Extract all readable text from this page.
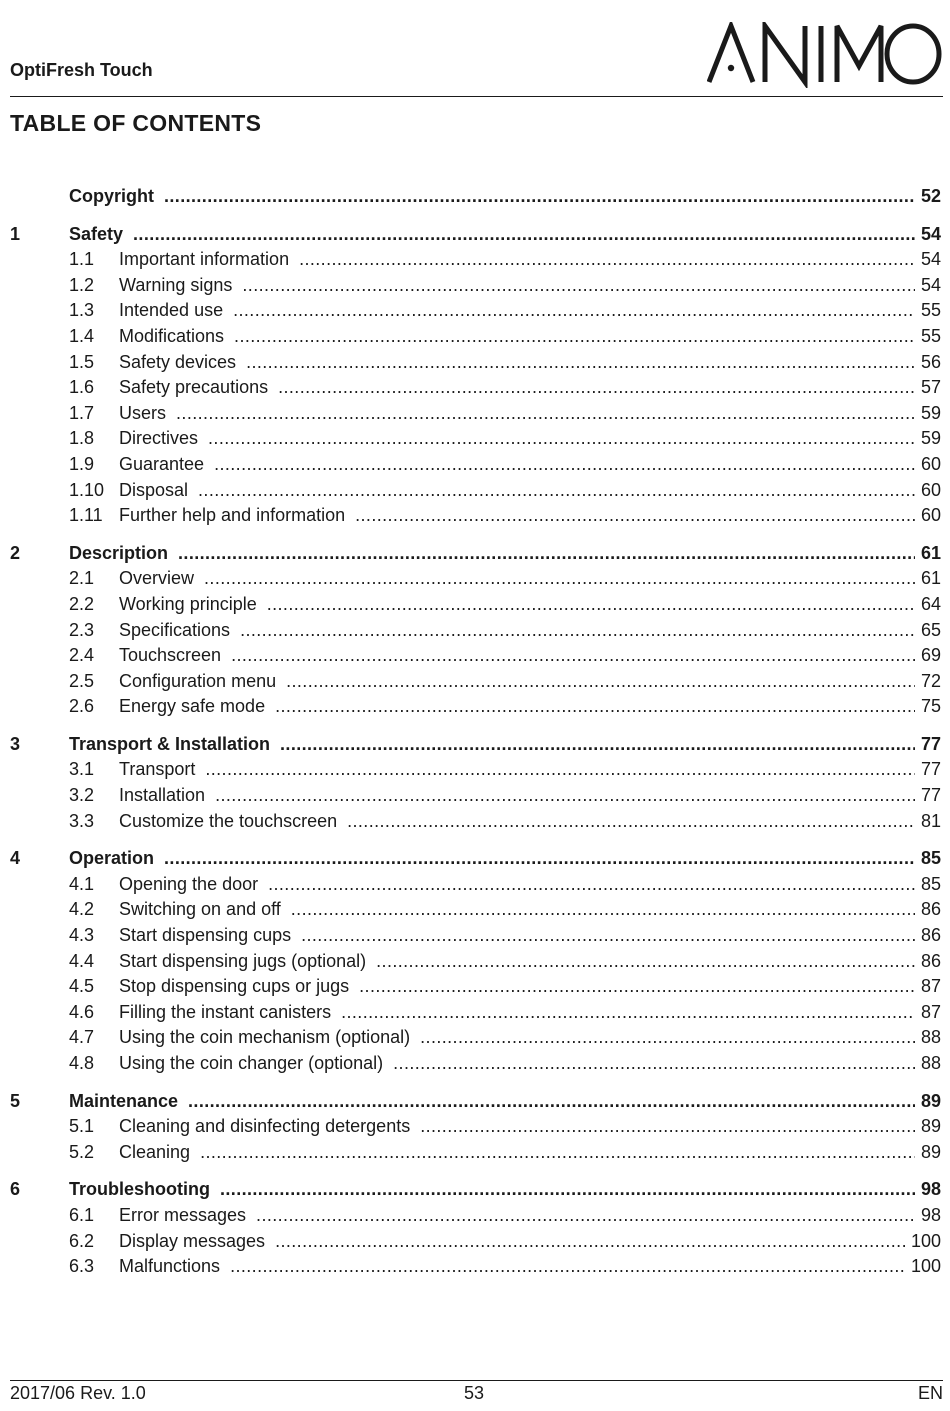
OptiFresh Touch
TABLE OF CONTENTS
Copyright .....	52
1	Safety .....	54
1.1 Important information .....	54
1.2 Warning signs .....	54
1.3 Intended use .....	55
1.4 Modifications .....	55
1.5 Safety devices .....	56
1.6 Safety precautions .....	57
1.7 Users .....	59
1.8 Directives .....	59
1.9 Guarantee .....	60
1.10 Disposal .....	60
1.11 Further help and information .....	60
2	Description .....	61
2.1 Overview .....	61
2.2 Working principle .....	64
2.3 Specifications .....	65
2.4 Touchscreen .....	69
2.5 Configuration menu .....	72
2.6 Energy safe mode .....	75
3	Transport & Installation .....	77
3.1 Transport .....	77
3.2 Installation .....	77
3.3 Customize the touchscreen .....	81
4	Operation .....	85
4.1 Opening the door .....	85
4.2 Switching on and off .....	86
4.3 Start dispensing cups .....	86
4.4 Start dispensing jugs (optional) .....	86
4.5 Stop dispensing cups or jugs .....	87
4.6 Filling the instant canisters .....	87
4.7 Using the coin mechanism (optional) .....	88
4.8 Using the coin changer (optional) .....	88
5	Maintenance .....	89
5.1 Cleaning and disinfecting detergents .....	89
5.2 Cleaning .....	89
6	Troubleshooting .....	98
6.1 Error messages .....	98
6.2 Display messages .....	100
6.3 Malfunctions .....	100
2017/06 Rev. 1.0	53	EN
